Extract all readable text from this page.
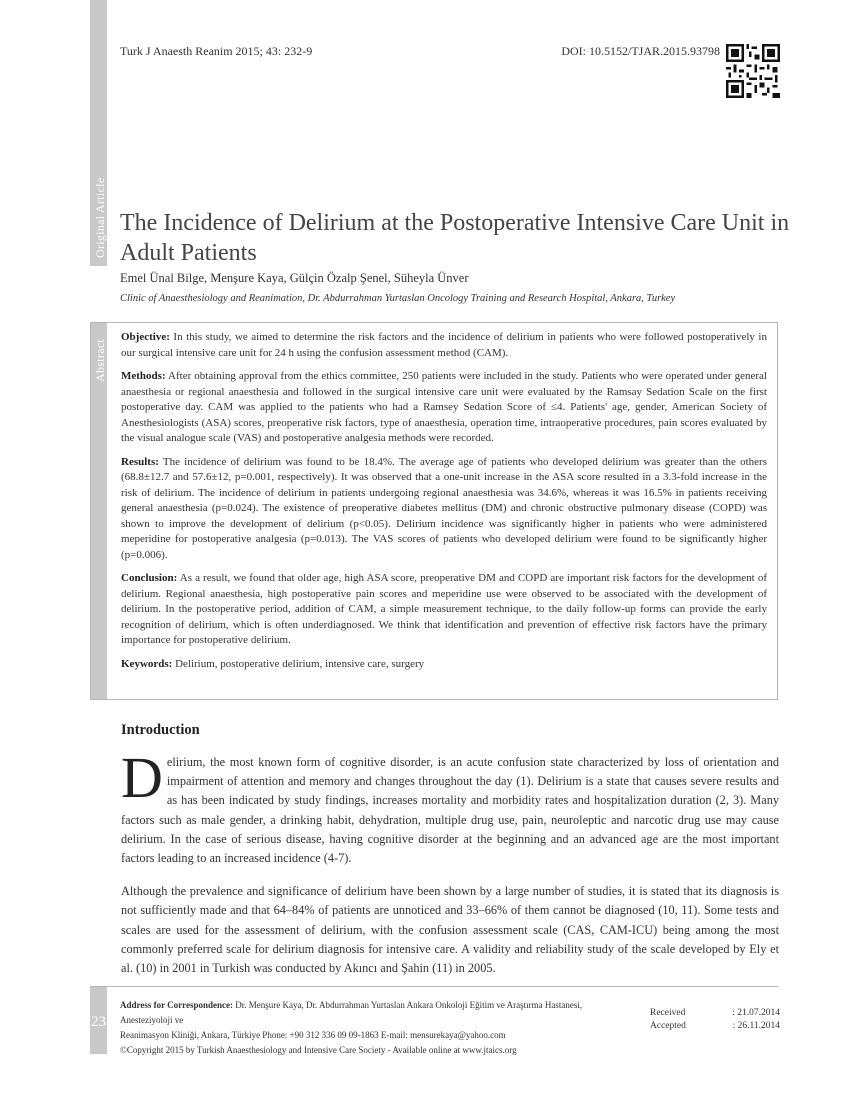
Original Article
Abstract
Turk J Anaesth Reanim 2015; 43: 232-9	DOI: 10.5152/TJAR.2015.93798
The Incidence of Delirium at the Postoperative Intensive Care Unit in Adult Patients
Emel Ünal Bilge, Menşure Kaya, Gülçin Özalp Şenel, Süheyla Ünver
Clinic of Anaesthesiology and Reanimation, Dr. Abdurrahman Yurtaslan Oncology Training and Research Hospital, Ankara, Turkey

Objective: In this study, we aimed to determine the risk factors and the incidence of delirium in patients who were followed postoperatively in our surgical intensive care unit for 24 h using the confusion assessment method (CAM).

Methods: After obtaining approval from the ethics committee, 250 patients were included in the study. Patients who were operated under general anaesthesia or regional anaesthesia and followed in the surgical intensive care unit were evaluated by the Ramsay Sedation Scale on the first postoperative day. CAM was applied to the patients who had a Ramsey Sedation Score of ≤4. Patients' age, gender, American Society of Anesthesiologists (ASA) scores, preoperative risk factors, type of anaesthesia, operation time, intraoperative procedures, pain scores evaluated by the visual analogue scale (VAS) and postoperative analgesia methods were recorded.

Results: The incidence of delirium was found to be 18.4%. The average age of patients who developed delirium was greater than the others (68.8±12.7 and 57.6±12, p=0.001, respectively). It was observed that a one-unit increase in the ASA score resulted in a 3.3-fold increase in the risk of delirium. The incidence of delirium in patients undergoing regional anaesthesia was 34.6%, whereas it was 16.5% in patients receiving general anaesthesia (p=0.024). The existence of preoperative diabetes mellitus (DM) and chronic obstructive pulmonary disease (COPD) was shown to improve the development of delirium (p<0.05). Delirium incidence was significantly higher in patients who were administered meperidine for postoperative analgesia (p=0.013). The VAS scores of patients who developed delirium were found to be significantly higher (p=0.006).

Conclusion: As a result, we found that older age, high ASA score, preoperative DM and COPD are important risk factors for the development of delirium. Regional anaesthesia, high postoperative pain scores and meperidine use were observed to be associated with the development of delirium. In the postoperative period, addition of CAM, a simple measurement technique, to the daily follow-up forms can provide the early recognition of delirium, which is often underdiagnosed. We think that identification and prevention of effective risk factors have the primary importance for postoperative delirium.

Keywords: Delirium, postoperative delirium, intensive care, surgery

Introduction

Delirium, the most known form of cognitive disorder, is an acute confusion state characterized by loss of orientation and impairment of attention and memory and changes throughout the day (1). Delirium is a state that causes severe results and as has been indicated by study findings, increases mortality and morbidity rates and hospitalization duration (2, 3). Many factors such as male gender, a drinking habit, dehydration, multiple drug use, pain, neuroleptic and narcotic drug use may cause delirium. In the case of serious disease, having cognitive disorder at the beginning and an advanced age are the most important factors leading to an increased incidence (4-7).

Although the prevalence and significance of delirium have been shown by a large number of studies, it is stated that its diagnosis is not sufficiently made and that 64–84% of patients are unnoticed and 33–66% of them cannot be diagnosed (10, 11). Some tests and scales are used for the assessment of delirium, with the confusion assessment scale (CAS, CAM-ICU) being among the most commonly preferred scale for delirium diagnosis for intensive care. A validity and reliability study of the scale developed by Ely et al. (10) in 2001 in Turkish was conducted by Akıncı and Şahin (11) in 2005.

232
Address for Correspondence: Dr. Menşure Kaya, Dr. Abdurrahman Yurtaslan Ankara Onkoloji Eğitim ve Araştırma Hastanesi, Anesteziyoloji ve
Reanimasyon Kliniği, Ankara, Türkiye Phone: +90 312 336 09 09-1863 E-mail: mensurekaya@yahoo.com
©Copyright 2015 by Turkish Anaesthesiology and Intensive Care Society - Available online at www.jtaics.org
Received	: 21.07.2014
Accepted	: 26.11.2014
